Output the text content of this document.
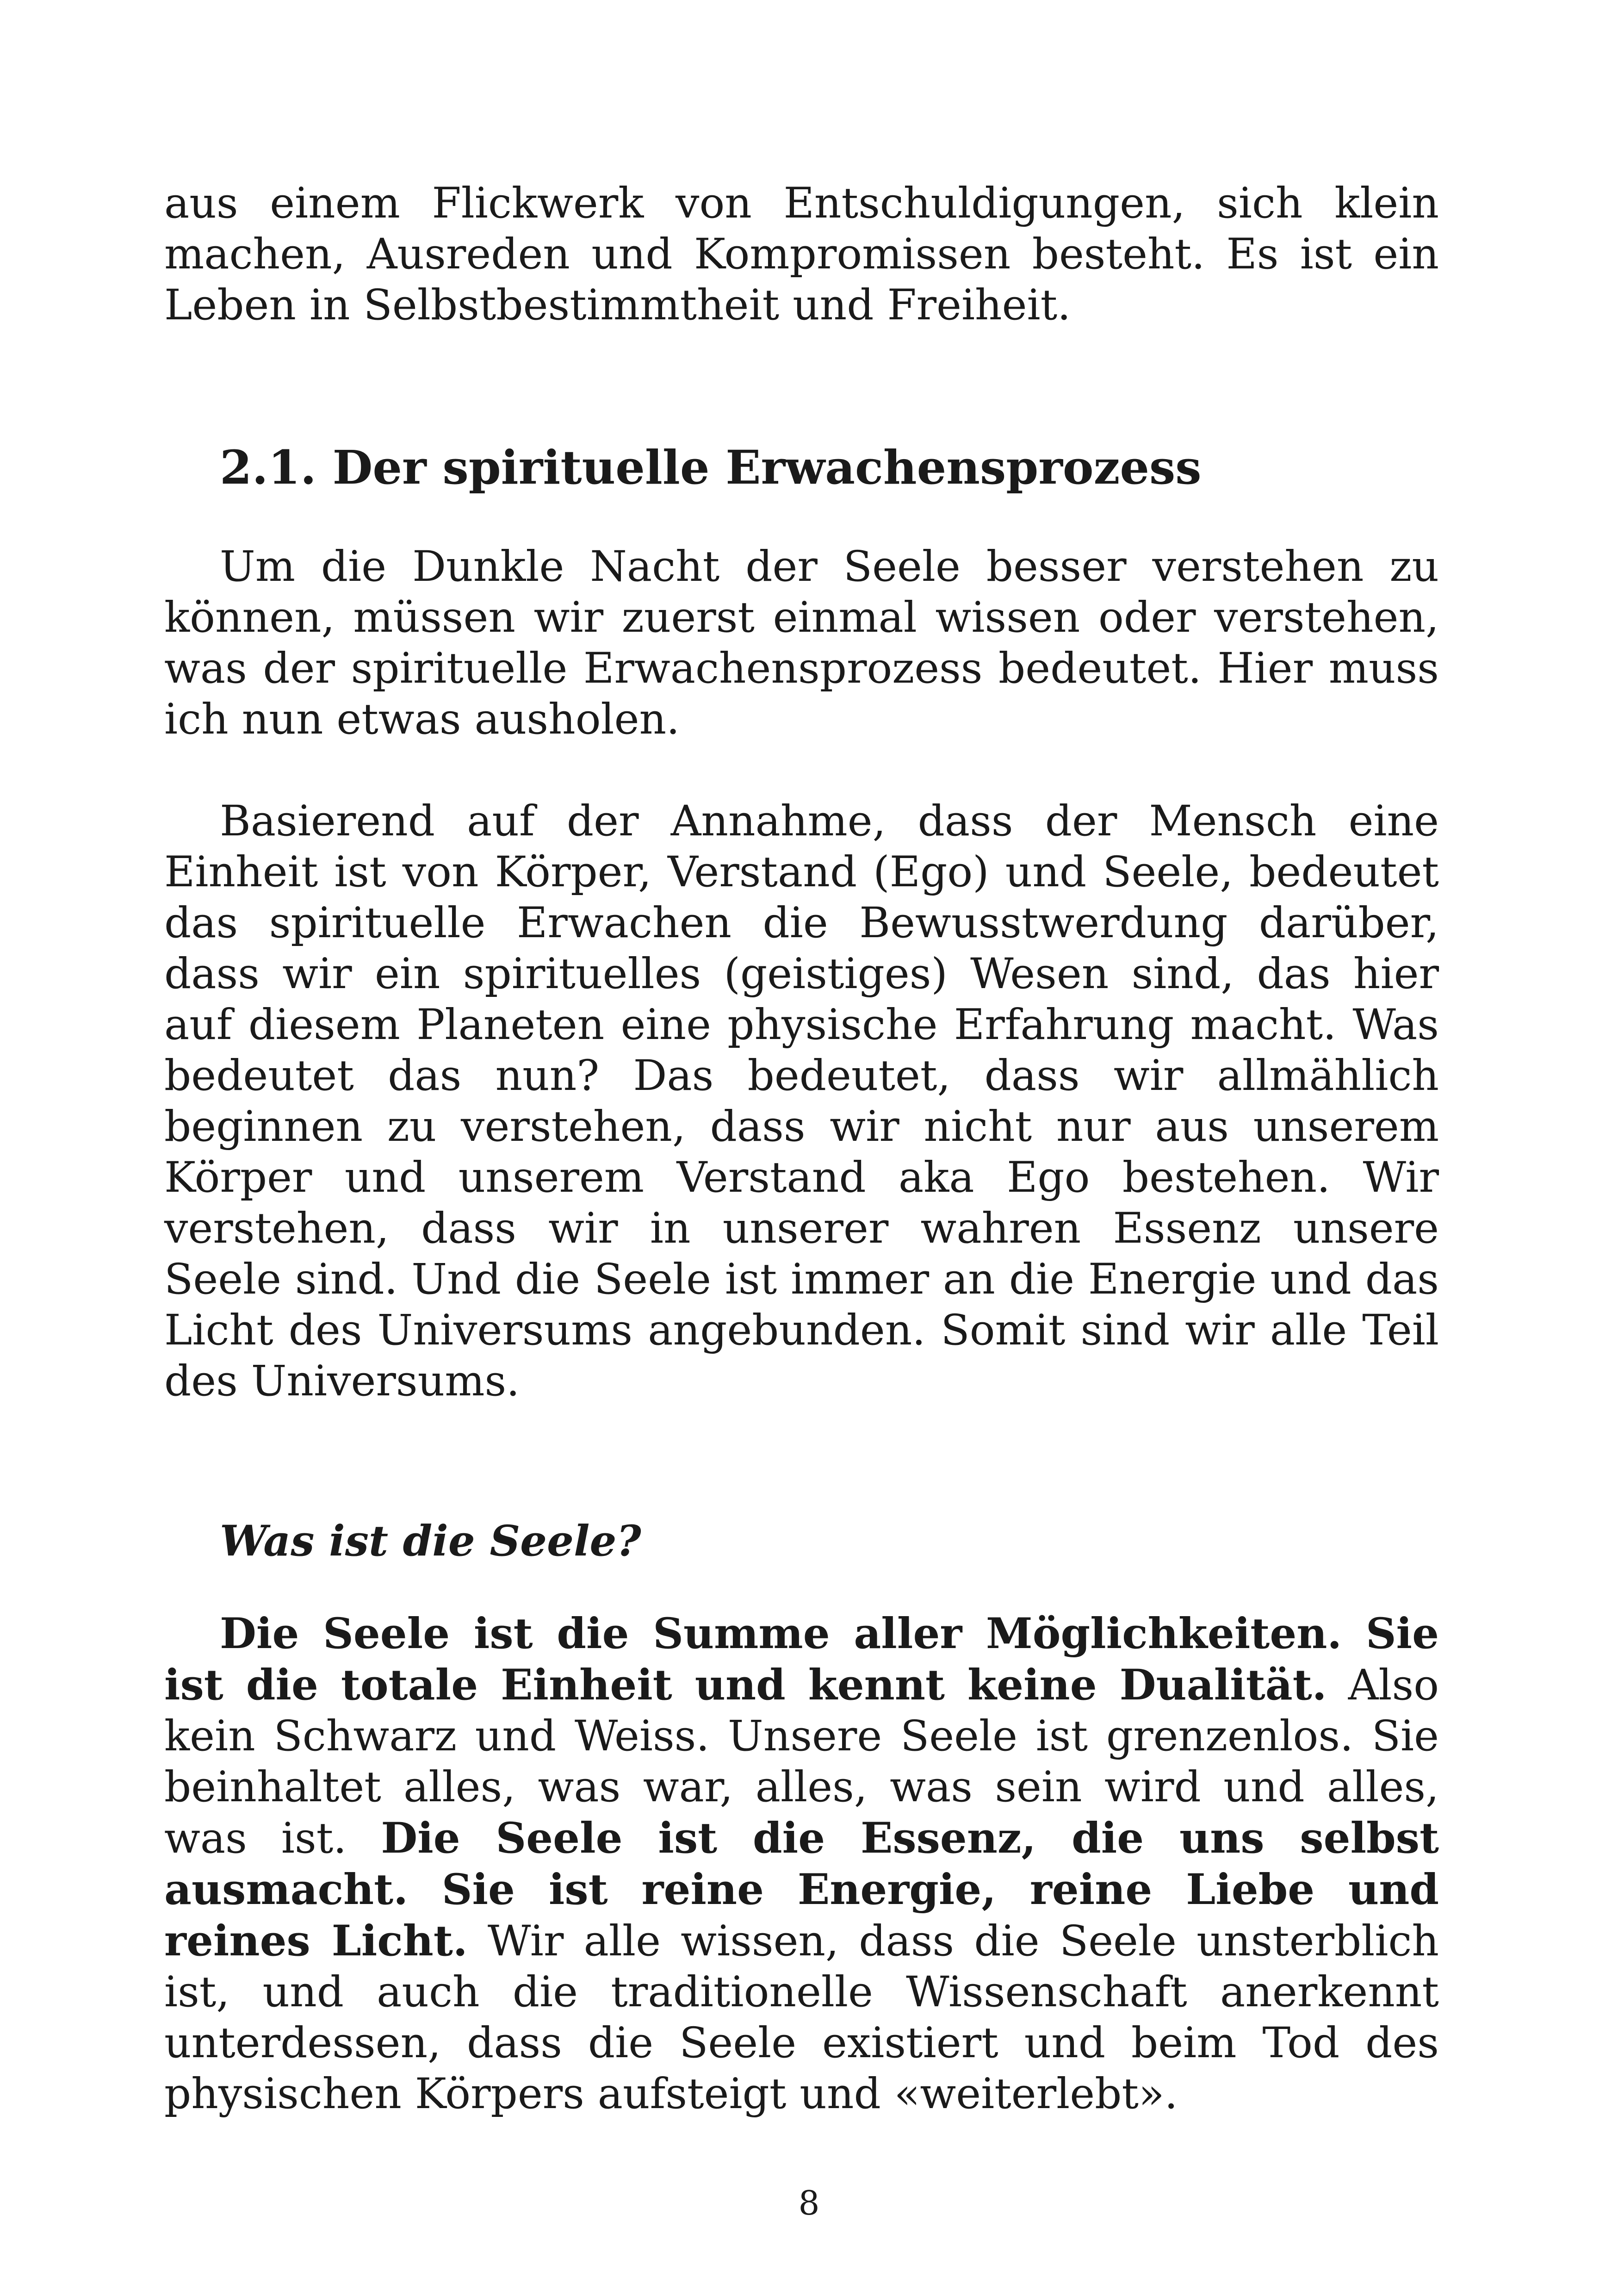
aus einem Flickwerk von Entschuldigungen, sich klein machen, Ausreden und Kompromissen besteht. Es ist ein Leben in Selbstbestimmtheit und Freiheit.

2.1. Der spirituelle Erwachensprozess

Um die Dunkle Nacht der Seele besser verstehen zu können, müssen wir zuerst einmal wissen oder verstehen, was der spirituelle Erwachensprozess bedeutet. Hier muss ich nun etwas ausholen.

Basierend auf der Annahme, dass der Mensch eine Einheit ist von Körper, Verstand (Ego) und Seele, bedeutet das spirituelle Erwachen die Bewusstwerdung darüber, dass wir ein spirituelles (geistiges) Wesen sind, das hier auf diesem Planeten eine physische Erfahrung macht. Was bedeutet das nun? Das bedeutet, dass wir allmählich beginnen zu verstehen, dass wir nicht nur aus unserem Körper und unserem Verstand aka Ego bestehen. Wir verstehen, dass wir in unserer wahren Essenz unsere Seele sind. Und die Seele ist immer an die Energie und das Licht des Universums angebunden. Somit sind wir alle Teil des Universums.

Was ist die Seele?

Die Seele ist die Summe aller Möglichkeiten. Sie ist die totale Einheit und kennt keine Dualität. Also kein Schwarz und Weiss. Unsere Seele ist grenzenlos. Sie beinhaltet alles, was war, alles, was sein wird und alles, was ist. Die Seele ist die Essenz, die uns selbst ausmacht. Sie ist reine Energie, reine Liebe und reines Licht. Wir alle wissen, dass die Seele unsterblich ist, und auch die traditionelle Wissenschaft anerkennt unterdessen, dass die Seele existiert und beim Tod des physischen Körpers aufsteigt und «weiterlebt».

8
